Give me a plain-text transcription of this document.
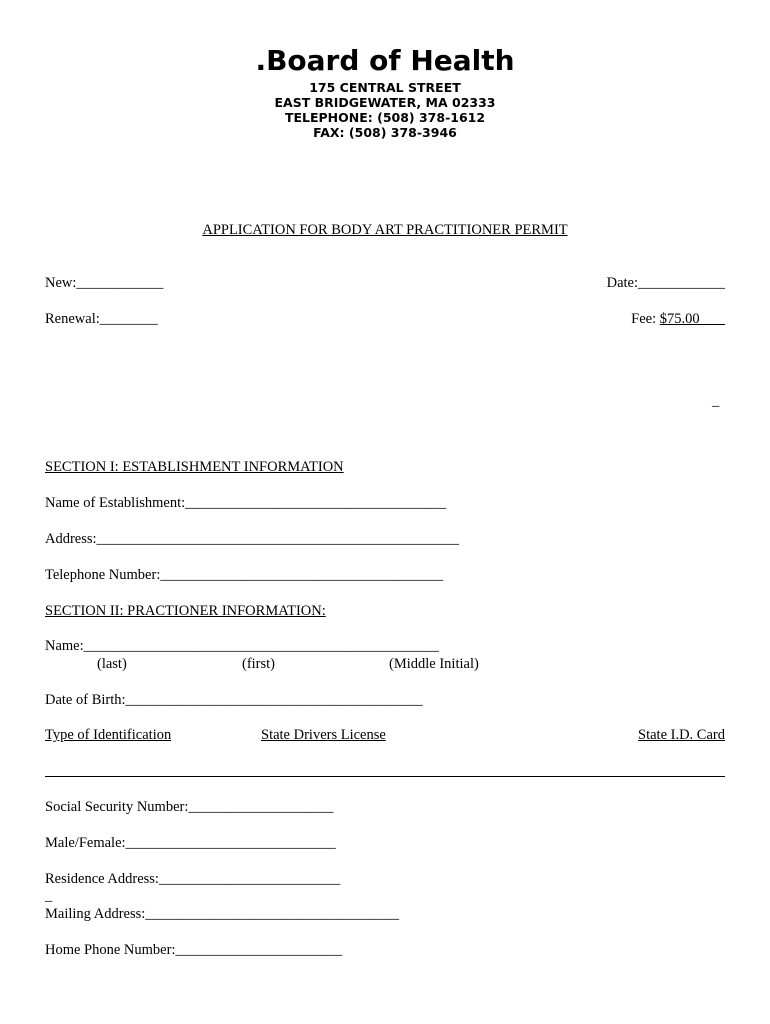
.Board of Health
175 CENTRAL STREET
EAST BRIDGEWATER, MA 02333
TELEPHONE: (508) 378-1612
FAX: (508) 378-3946
APPLICATION FOR BODY ART PRACTITIONER PERMIT
New:____________	Date:____________
Renewal:________	Fee: $75.00
_
SECTION I: ESTABLISHMENT INFORMATION
Name of Establishment:____________________________________
Address:__________________________________________________
Telephone Number:_______________________________________
SECTION II: PRACTIONER INFORMATION:
Name:_________________________________________________
(last)	(first)	(Middle Initial)
Date of Birth:_________________________________________
Type of Identification	State Drivers License	State I.D. Card
Social Security Number:____________________
Male/Female:_____________________________
Residence Address:_________________________
_
Mailing Address:___________________________________
Home Phone Number:_______________________
